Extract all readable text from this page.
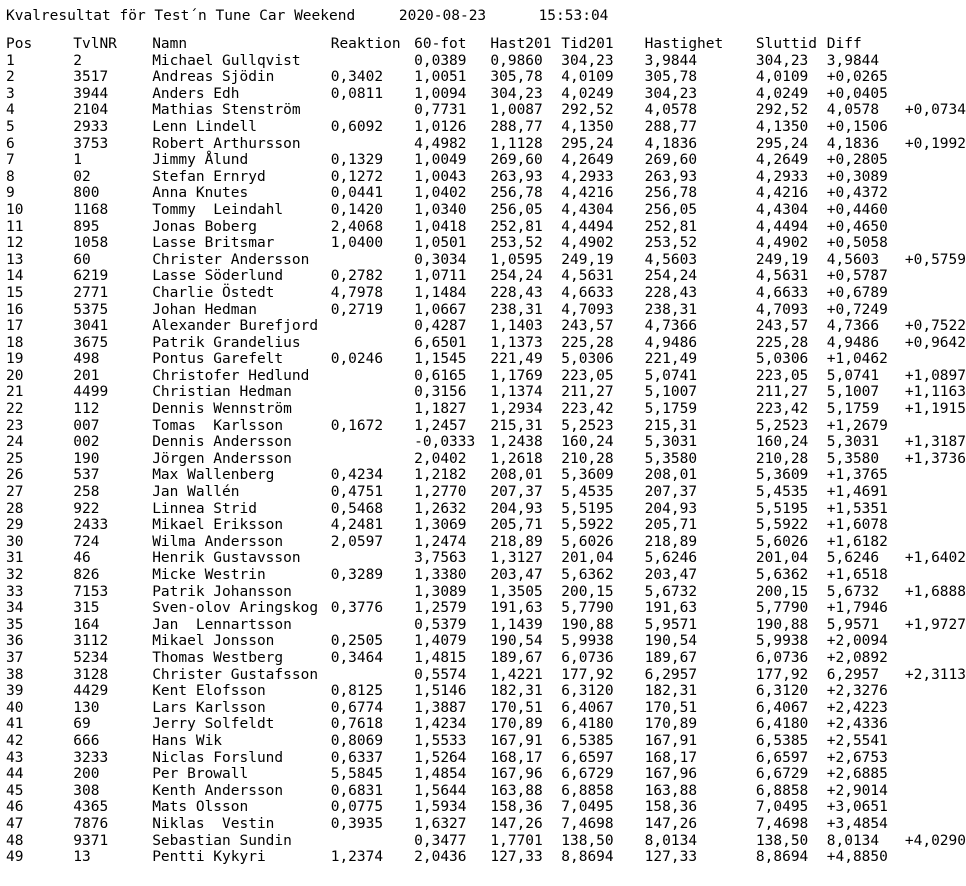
Kvalresultat för Test´n Tune Car Weekend	2020-08-23	15:53:04
Pos	TvlNR	Namn	Reaktion	60-fot	Hast201	Tid201	Hastighet	Sluttid	Diff	
1	2	Michael Gullqvist		0,0389	0,9860	304,23	3,9844	304,23	3,9844	
2	3517	Andreas Sjödin	0,3402	1,0051	305,78	4,0109	305,78	4,0109	+0,0265	
3	3944	Anders Edh	0,0811	1,0094	304,23	4,0249	304,23	4,0249	+0,0405	
4	2104	Mathias Stenström		0,7731	1,0087	292,52	4,0578	292,52	4,0578	+0,0734
5	2933	Lenn Lindell	0,6092	1,0126	288,77	4,1350	288,77	4,1350	+0,1506	
6	3753	Robert Arthursson		4,4982	1,1128	295,24	4,1836	295,24	4,1836	+0,1992
7	1	Jimmy Ålund	0,1329	1,0049	269,60	4,2649	269,60	4,2649	+0,2805	
8	02	Stefan Ernryd	0,1272	1,0043	263,93	4,2933	263,93	4,2933	+0,3089	
9	800	Anna Knutes	0,0441	1,0402	256,78	4,4216	256,78	4,4216	+0,4372	
10	1168	Tommy  Leindahl	0,1420	1,0340	256,05	4,4304	256,05	4,4304	+0,4460	
11	895	Jonas Boberg	2,4068	1,0418	252,81	4,4494	252,81	4,4494	+0,4650	
12	1058	Lasse Britsmar	1,0400	1,0501	253,52	4,4902	253,52	4,4902	+0,5058	
13	60	Christer Andersson		0,3034	1,0595	249,19	4,5603	249,19	4,5603	+0,5759
14	6219	Lasse Söderlund	0,2782	1,0711	254,24	4,5631	254,24	4,5631	+0,5787	
15	2771	Charlie Östedt	4,7978	1,1484	228,43	4,6633	228,43	4,6633	+0,6789	
16	5375	Johan Hedman	0,2719	1,0667	238,31	4,7093	238,31	4,7093	+0,7249	
17	3041	Alexander Burefjord		0,4287	1,1403	243,57	4,7366	243,57	4,7366	+0,7522
18	3675	Patrik Grandelius		6,6501	1,1373	225,28	4,9486	225,28	4,9486	+0,9642
19	498	Pontus Garefelt	0,0246	1,1545	221,49	5,0306	221,49	5,0306	+1,0462	
20	201	Christofer Hedlund		0,6165	1,1769	223,05	5,0741	223,05	5,0741	+1,0897
21	4499	Christian Hedman		0,3156	1,1374	211,27	5,1007	211,27	5,1007	+1,1163
22	112	Dennis Wennström		1,1827	1,2934	223,42	5,1759	223,42	5,1759	+1,1915
23	007	Tomas  Karlsson	0,1672	1,2457	215,31	5,2523	215,31	5,2523	+1,2679	
24	002	Dennis Andersson		-0,0333	1,2438	160,24	5,3031	160,24	5,3031	+1,3187
25	190	Jörgen Andersson		2,0402	1,2618	210,28	5,3580	210,28	5,3580	+1,3736
26	537	Max Wallenberg	0,4234	1,2182	208,01	5,3609	208,01	5,3609	+1,3765	
27	258	Jan Wallén	0,4751	1,2770	207,37	5,4535	207,37	5,4535	+1,4691	
28	922	Linnea Strid	0,5468	1,2632	204,93	5,5195	204,93	5,5195	+1,5351	
29	2433	Mikael Eriksson	4,2481	1,3069	205,71	5,5922	205,71	5,5922	+1,6078	
30	724	Wilma Andersson	2,0597	1,2474	218,89	5,6026	218,89	5,6026	+1,6182	
31	46	Henrik Gustavsson		3,7563	1,3127	201,04	5,6246	201,04	5,6246	+1,6402
32	826	Micke Westrin	0,3289	1,3380	203,47	5,6362	203,47	5,6362	+1,6518	
33	7153	Patrik Johansson		1,3089	1,3505	200,15	5,6732	200,15	5,6732	+1,6888
34	315	Sven-olov Aringskog	0,3776	1,2579	191,63	5,7790	191,63	5,7790	+1,7946	
35	164	Jan  Lennartsson		0,5379	1,1439	190,88	5,9571	190,88	5,9571	+1,9727
36	3112	Mikael Jonsson	0,2505	1,4079	190,54	5,9938	190,54	5,9938	+2,0094	
37	5234	Thomas Westberg	0,3464	1,4815	189,67	6,0736	189,67	6,0736	+2,0892	
38	3128	Christer Gustafsson		0,5574	1,4221	177,92	6,2957	177,92	6,2957	+2,3113
39	4429	Kent Elofsson	0,8125	1,5146	182,31	6,3120	182,31	6,3120	+2,3276	
40	130	Lars Karlsson	0,6774	1,3887	170,51	6,4067	170,51	6,4067	+2,4223	
41	69	Jerry Solfeldt	0,7618	1,4234	170,89	6,4180	170,89	6,4180	+2,4336	
42	666	Hans Wik	0,8069	1,5533	167,91	6,5385	167,91	6,5385	+2,5541	
43	3233	Niclas Forslund	0,6337	1,5264	168,17	6,6597	168,17	6,6597	+2,6753	
44	200	Per Browall	5,5845	1,4854	167,96	6,6729	167,96	6,6729	+2,6885	
45	308	Kenth Andersson	0,6831	1,5644	163,88	6,8858	163,88	6,8858	+2,9014	
46	4365	Mats Olsson	0,0775	1,5934	158,36	7,0495	158,36	7,0495	+3,0651	
47	7876	Niklas  Vestin	0,3935	1,6327	147,26	7,4698	147,26	7,4698	+3,4854	
48	9371	Sebastian Sundin		0,3477	1,7701	138,50	8,0134	138,50	8,0134	+4,0290
49	13	Pentti Kykyri	1,2374	2,0436	127,33	8,8694	127,33	8,8694	+4,8850	
